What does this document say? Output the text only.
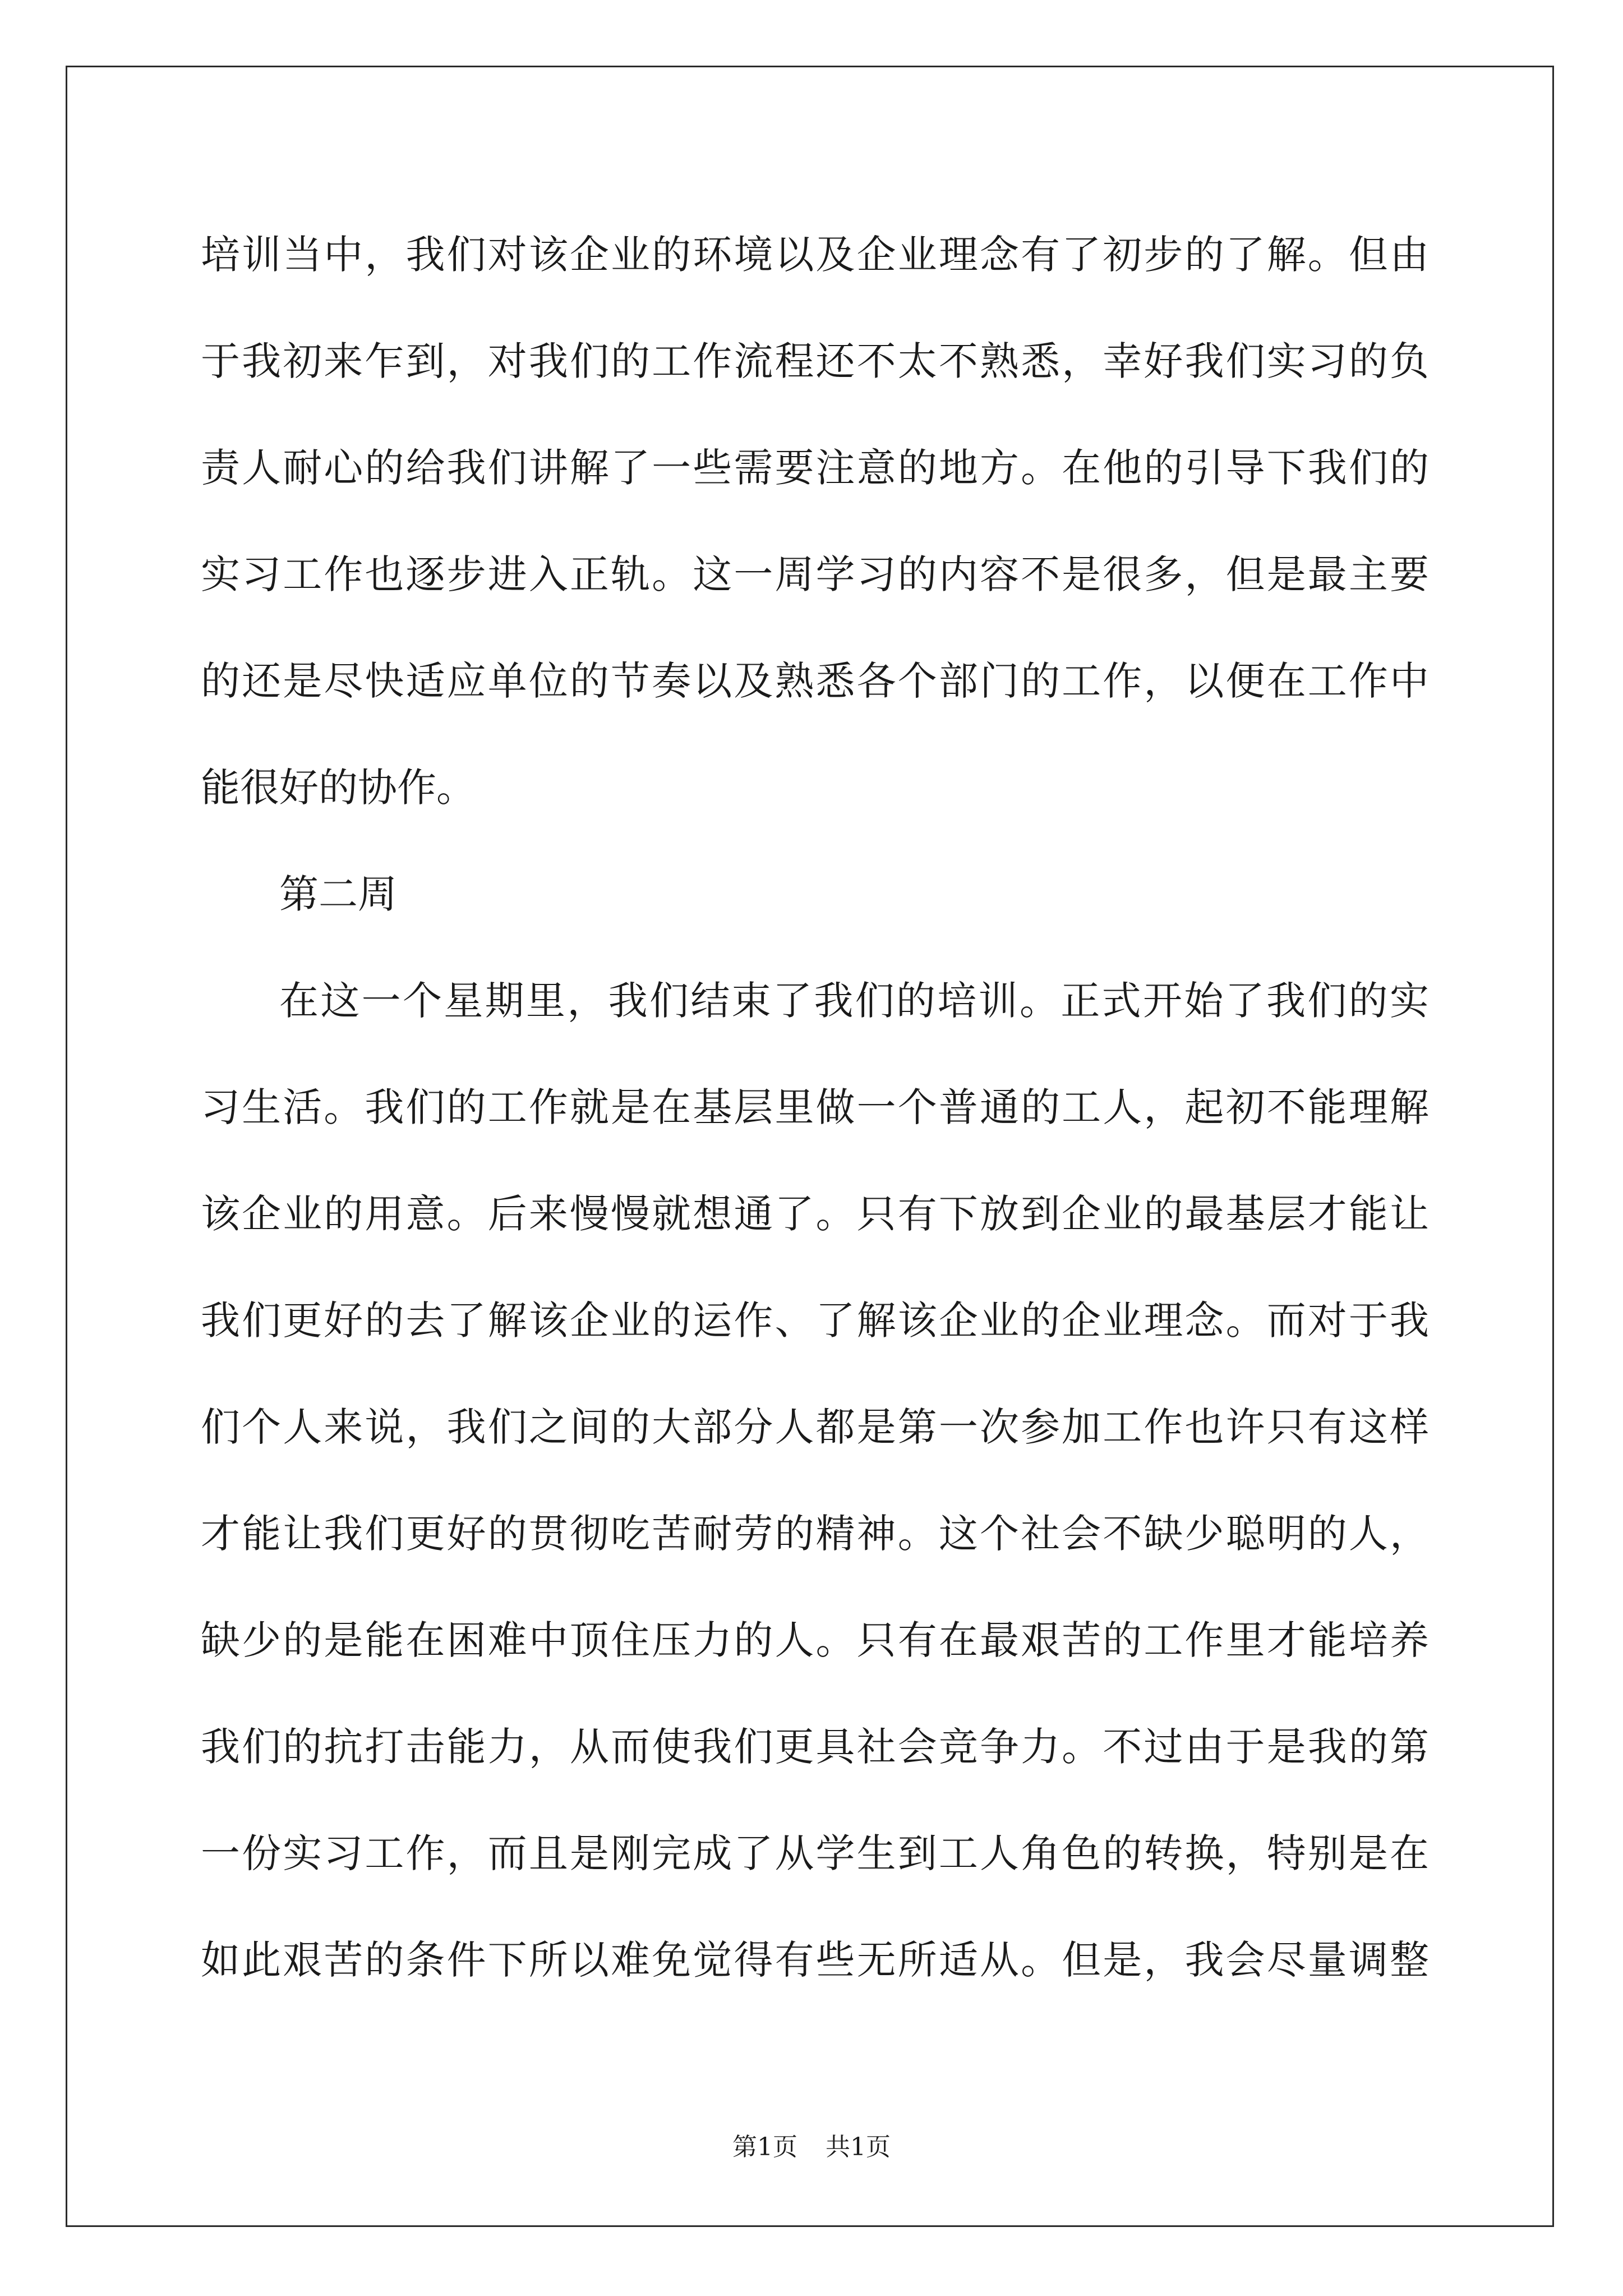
培训当中，我们对该企业的环境以及企业理念有了初步的了解。但由
于我初来乍到，对我们的工作流程还不太不熟悉，幸好我们实习的负
责人耐心的给我们讲解了一些需要注意的地方。在他的引导下我们的
实习工作也逐步进入正轨。这一周学习的内容不是很多，但是最主要
的还是尽快适应单位的节奏以及熟悉各个部门的工作，以便在工作中
能很好的协作。
第二周
在这一个星期里，我们结束了我们的培训。正式开始了我们的实
习生活。我们的工作就是在基层里做一个普通的工人，起初不能理解
该企业的用意。后来慢慢就想通了。只有下放到企业的最基层才能让
我们更好的去了解该企业的运作、了解该企业的企业理念。而对于我
们个人来说，我们之间的大部分人都是第一次参加工作也许只有这样
才能让我们更好的贯彻吃苦耐劳的精神。这个社会不缺少聪明的人，
缺少的是能在困难中顶住压力的人。只有在最艰苦的工作里才能培养
我们的抗打击能力，从而使我们更具社会竞争力。不过由于是我的第
一份实习工作，而且是刚完成了从学生到工人角色的转换，特别是在
如此艰苦的条件下所以难免觉得有些无所适从。但是，我会尽量调整
第1页 共1页
